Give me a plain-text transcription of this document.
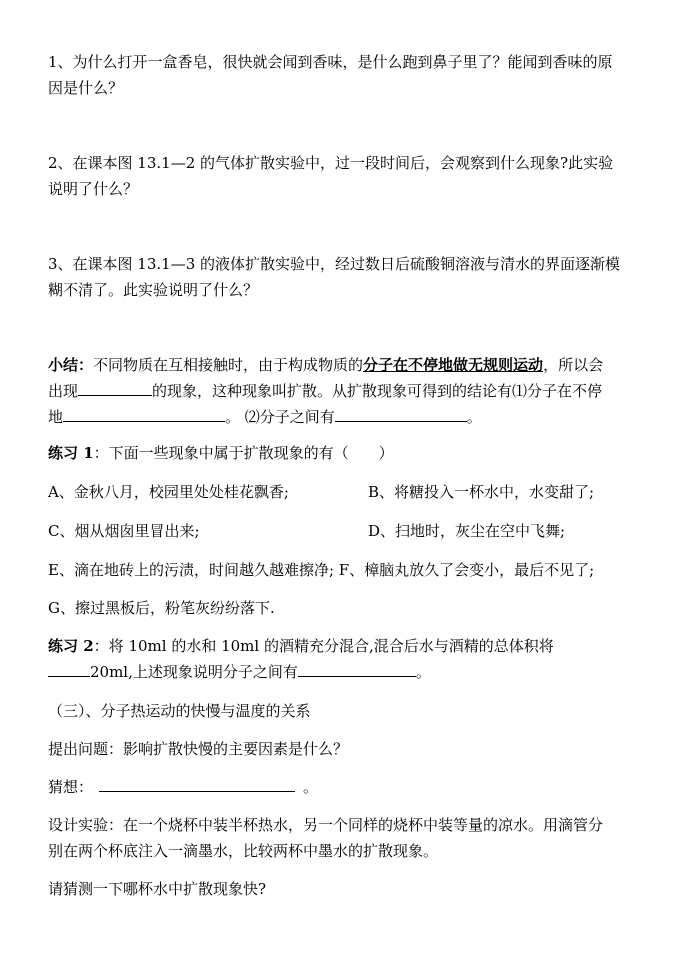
1、为什么打开一盒香皂，很快就会闻到香味，是什么跑到鼻子里了？能闻到香味的原
因是什么？
2、在课本图 13.1—2 的气体扩散实验中，过一段时间后，会观察到什么现象?此实验
说明了什么？
3、在课本图 13.1—3 的液体扩散实验中，经过数日后硫酸铜溶液与清水的界面逐渐模
糊不清了。此实验说明了什么？
小结：不同物质在互相接触时，由于构成物质的分子在不停地做无规则运动，所以会
出现	的现象，这种现象叫扩散。从扩散现象可得到的结论有⑴分子在不停
地	。 ⑵分子之间有	。
练习 1：下面一些现象中属于扩散现象的有（　　）
A、金秋八月，校园里处处桂花飘香;	B、将糖投入一杯水中，水变甜了;
C、烟从烟囱里冒出来;	D、扫地时，灰尘在空中飞舞;
E、滴在地砖上的污渍，时间越久越难擦净; F、樟脑丸放久了会变小，最后不见了;
G、擦过黑板后，粉笔灰纷纷落下.
练习 2：将 10ml 的水和 10ml 的酒精充分混合,混合后水与酒精的总体积将
20ml,上述现象说明分子之间有	。
（三）、分子热运动的快慢与温度的关系
提出问题：影响扩散快慢的主要因素是什么？
猜想：	。
设计实验：在一个烧杯中装半杯热水，另一个同样的烧杯中装等量的凉水。用滴管分
别在两个杯底注入一滴墨水，比较两杯中墨水的扩散现象。
请猜测一下哪杯水中扩散现象快?
